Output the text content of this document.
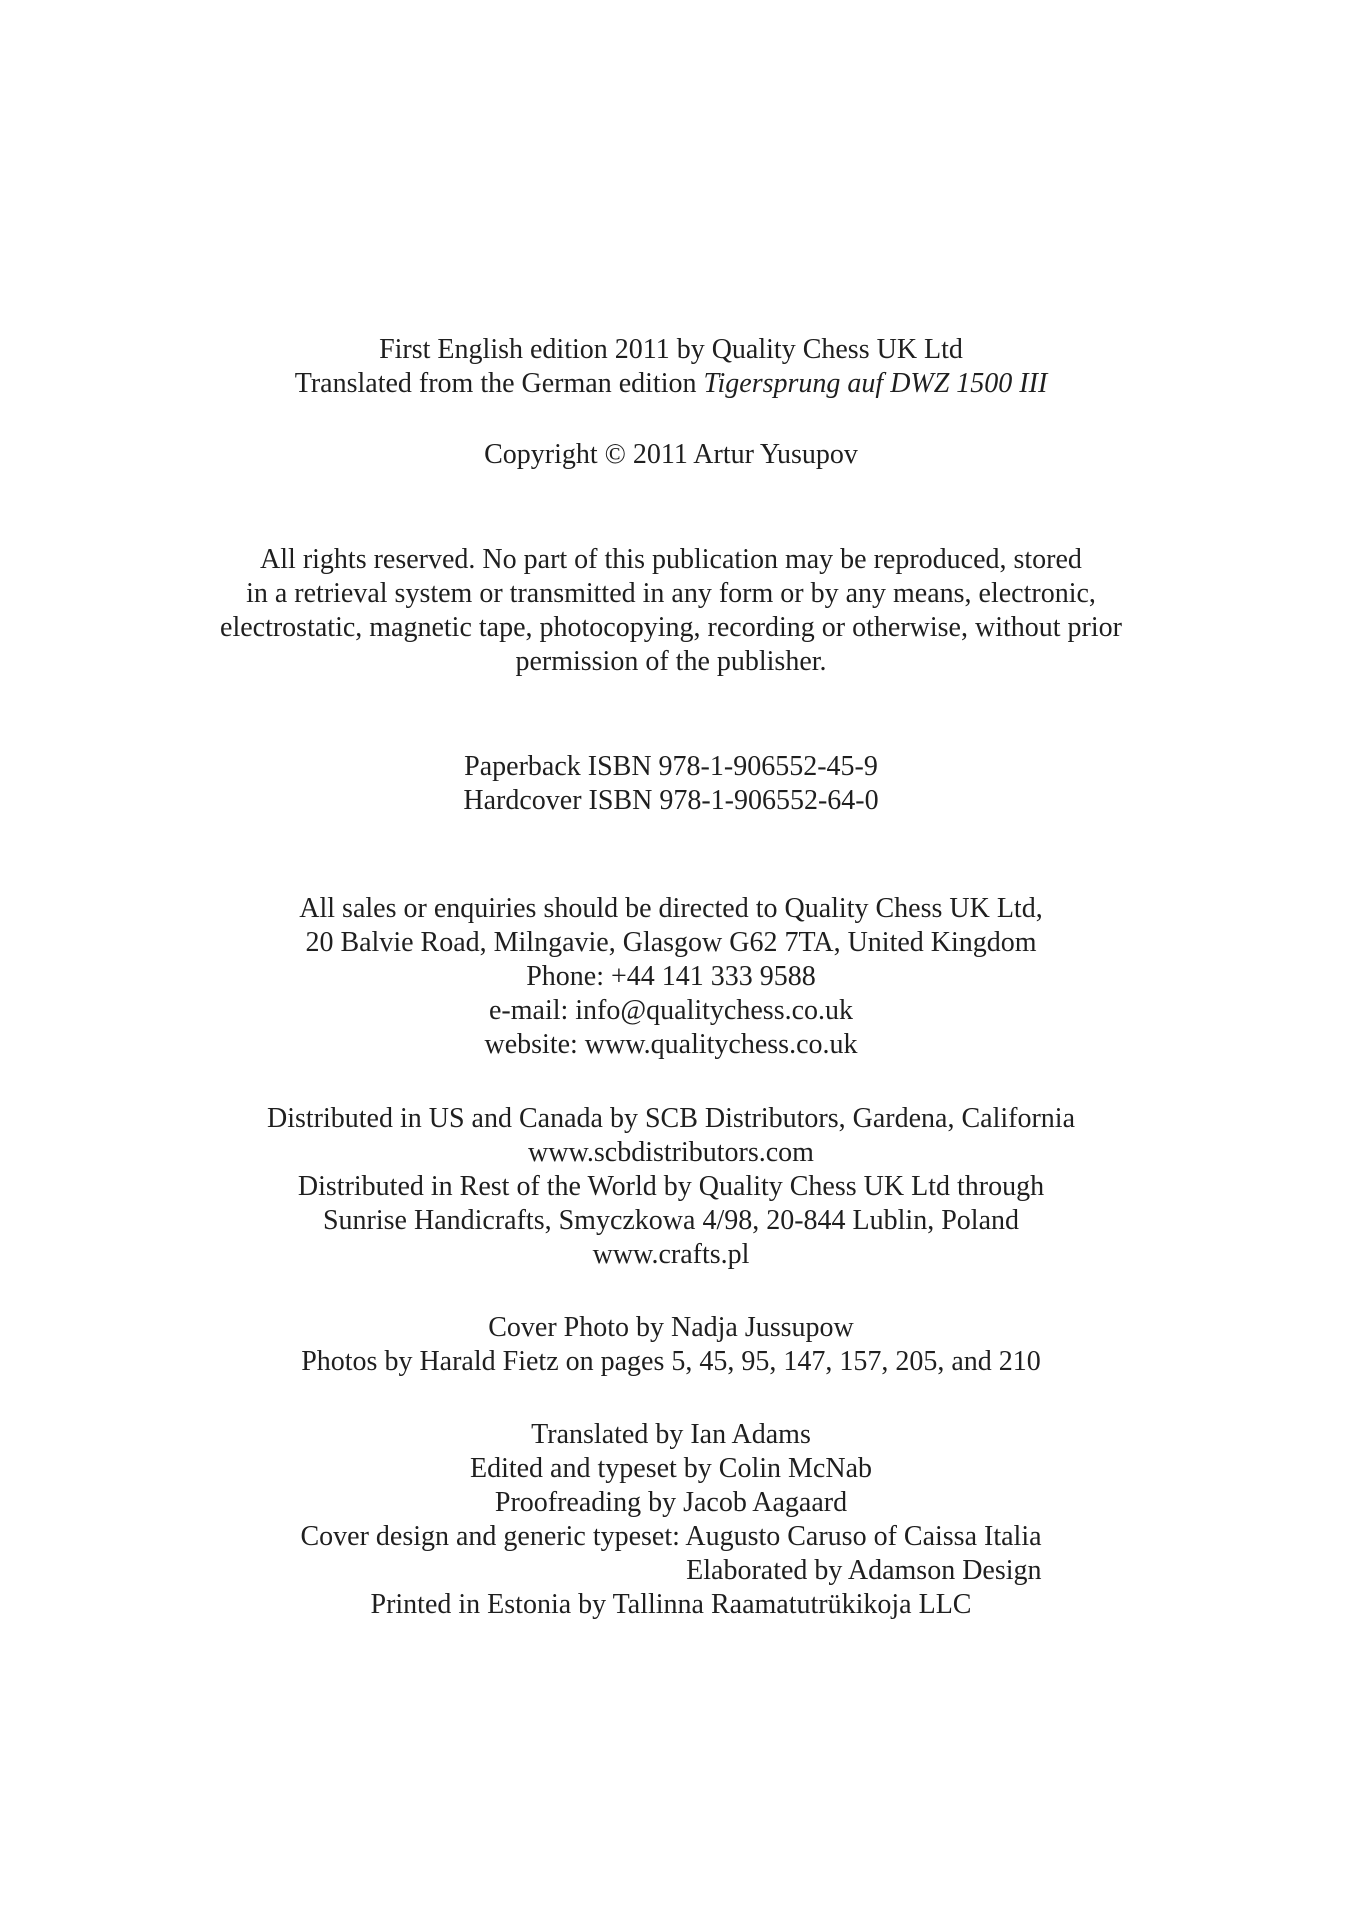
First English edition 2011 by Quality Chess UK Ltd
Translated from the German edition Tigersprung auf DWZ 1500 III
Copyright © 2011 Artur Yusupov
All rights reserved. No part of this publication may be reproduced, stored
in a retrieval system or transmitted in any form or by any means, electronic,
electrostatic, magnetic tape, photocopying, recording or otherwise, without prior
permission of the publisher.
Paperback ISBN 978-1-906552-45-9
Hardcover ISBN 978-1-906552-64-0
All sales or enquiries should be directed to Quality Chess UK Ltd,
20 Balvie Road, Milngavie, Glasgow G62 7TA, United Kingdom
Phone: +44 141 333 9588
e-mail: info@qualitychess.co.uk
website: www.qualitychess.co.uk
Distributed in US and Canada by SCB Distributors, Gardena, California
www.scbdistributors.com
Distributed in Rest of the World by Quality Chess UK Ltd through
Sunrise Handicrafts, Smyczkowa 4/98, 20-844 Lublin, Poland
www.crafts.pl
Cover Photo by Nadja Jussupow
Photos by Harald Fietz on pages 5, 45, 95, 147, 157, 205, and 210
Translated by Ian Adams
Edited and typeset by Colin McNab
Proofreading by Jacob Aagaard
Cover design and generic typeset: Augusto Caruso of Caissa Italia
Elaborated by Adamson Design
Printed in Estonia by Tallinna Raamatutrükikoja LLC
